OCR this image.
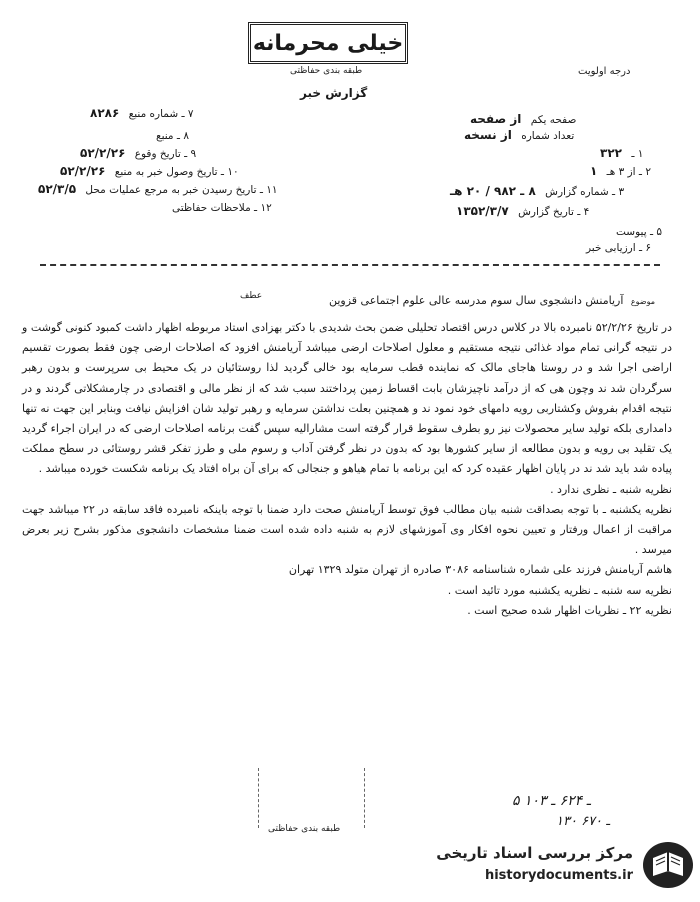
خیلی محرمانه
طبقه بندی حفاظتی	درجه اولویت
گزارش خبر
۷ ـ شماره منبع ۸۲۸۶
۸ ـ منبع
۹ ـ تاریخ وقوع ۵۲/۲/۲۶
۱۰ ـ تاریخ وصول خبر به منبع ۵۲/۲/۲۶
۱۱ ـ تاریخ رسیدن خبر به مرجع عملیات محل ۵۲/۳/۵
۱۲ ـ ملاحظات حفاظتی
صفحه یکم از صفحه
تعداد شماره از نسخه
۱ ـ ۳۲۲
۲ ـ از ۳ هـ ۱
۳ ـ شماره گزارش ۸ ـ ۹۸۲ / ۲۰ هـ
۴ ـ تاریخ گزارش ۱۳۵۲/۳/۷
۵ ـ پیوست
۶ ـ ارزیابی خبر
موضوع آریامنش دانشجوی سال سوم مدرسه عالی علوم اجتماعی قزوین
عطف

در تاریخ ۵۲/۲/۲۶ نامبرده بالا در کلاس درس اقتصاد تحلیلی ضمن بحث شدیدی با دکتر بهزادی استاد مربوطه اظهار داشت کمبود کنونی گوشت و در نتیجه گرانی تمام مواد غذائی نتیجه مستقیم و معلول اصلاحات ارضی میباشد آریامنش افزود که اصلاحات ارضی چون فقط بصورت تقسیم اراضی اجرا شد و در روستا هاجای مالک که نماینده قطب سرمایه بود خالی گردید لذا روستائیان در یک محیط بی سرپرست و بدون رهبر سرگردان شد ند وچون هی که از درآمد ناچیزشان بابت اقساط زمین پرداختند سبب شد که از نظر مالی و اقتصادی در چارمشکلاتی گردند و در نتیجه اقدام بفروش وکشتاربی رویه دامهای خود نمود ند و همچنین بعلت نداشتن سرمایه و رهبر تولید شان افزایش نیافت وبنابر این جهت نه تنها دامداری بلکه تولید سایر محصولات نیز رو بطرف سقوط قرار گرفته است مشارالیه سپس گفت برنامه اصلاحات ارضی که در ایران اجراء گردید یک تقلید بی رویه و بدون مطالعه از سایر کشورها بود که بدون در نظر گرفتن آداب و رسوم ملی و طرز تفکر قشر روستائی در سطح مملکت پیاده شد باید شد ند در پایان اظهار عقیده کرد که این برنامه با تمام هیاهو و جنجالی که برای آن براه افتاد یک برنامه شکست خورده میباشد .

نظریه شنبه ـ نظری ندارد .

نظریه یکشنبه ـ با توجه بصداقت شنبه بیان مطالب فوق توسط آریامنش صحت دارد ضمنا با توجه باینکه نامبرده فاقد سابقه در ۲۲ میباشد جهت مراقبت از اعمال ورفتار و تعیین نحوه افکار وی آموزشهای لازم به شنبه داده شده است ضمنا مشخصات دانشجوی مذکور بشرح زیر بعرض میرسد .

هاشم آریامنش فرزند علی شماره شناسنامه ۳۰۸۶ صادره از تهران متولد ۱۳۲۹ تهران

نظریه سه شنبه ـ نظریه یکشنبه مورد تائید است .

نظریه ۲۲ ـ نظریات اظهار شده صحیح است .

طبقه بندی حفاظتی
۵ ـ ۶۲۴ ـ ۱۰۳
۱۳۰ ـ ۶۷۰
مرکز بررسی اسناد تاریخی
historydocuments.ir
